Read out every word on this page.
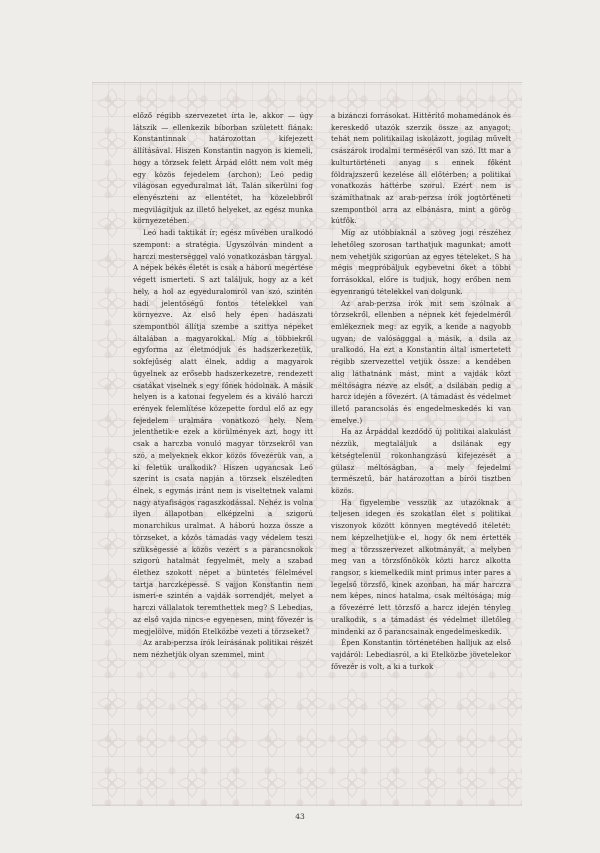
előző régibb szervezetet írta le, akkor — úgy látszik — ellenkezik bíborban született fiának: Konstantinnak határozottan kifejezett állításával. Hiszen Konstantin nagyon is kiemeli, hogy a törzsek felett Árpád előtt nem volt még egy közös fejedelem (archon); Leó pedig világosan egyeduralmat lát. Talán sikerülni fog elenyészteni az ellentétet, ha közelebbről megvilágítjuk az illető helyeket, az egész munka környezetében.

Leó hadi taktikát ír; egész művében uralkodó szempont: a stratégia. Ugyszólván mindent a harczi mesterséggel való vonatkozásban tárgyal. A népek békés életét is csak a háború megértése végett ismerteti. S azt találjuk, hogy az a két hely, a hol az egyeduralomról van szó, szintén hadi jelentőségű fontos tételekkel van környezve. Az első hely épen hadászati szempontból állítja szembe a szittya népeket általában a magyarokkal. Míg a többiekről egyforma az életmódjuk és hadszerkezetük, sokfejűség alatt élnek, addig a magyarok ügyelnek az erősebb hadszerkezetre, rendezett csatákat viselnek s egy főnek hódolnak. A másik helyen is a katonai fegyelem és a kiváló harczi erények felemlítése közepette fordul elő az egy fejedelem uralmára vonatkozó hely. Nem jelenthetik-e ezek a körülmények azt, hogy itt csak a harczba vonuló magyar törzsekről van szó, a melyeknek ekkor közös fővezérük van, a ki feletük uralkodik? Hiszen ugyancsak Leó szerint is csata napján a törzsek elszéledten élnek, s egymás iránt nem is viseltetnek valami nagy atyafiságos ragaszkodással. Nehéz is volna ilyen állapotban elképzelni a szigorú monarchikus uralmat. A háború hozza össze a törzseket, a közös támadás vagy védelem teszi szükségessé a közös vezért s a parancsnokok szigorú hatalmát fegyelmét, mely a szabad élethez szokott népet a büntetés félelmével tartja harczképessé. S vajjon Konstantin nem ismeri-e szintén a vajdák sorrendjét, melyet a harczi vállalatok teremthettek meg? S Lebedias, az első vajda nincs-e egyenesen, mint fővezér is megjelölve, midőn Etelközbe vezeti a törzseket?

Az arab-perzsa írók leírásának politikai részét nem nézhetjük olyan szemmel, mint

a bizánczi forrásokat. Hittérítő mohamedánok és kereskedő utazók szerzik össze az anyagot; tehát nem politikailag iskolázott, jogilag művelt császárok irodalmi terméséről van szó. Itt mar a kulturtörténeti anyag s ennek főként földrajzszerű kezelése áll előtérben; a politikai vonatkozás háttérbe szorul. Ezért nem is számíthatnak az arab-perzsa írók jogtörténeti szempontból arra az elbánásra, mint a görög kútfők.

Míg az utóbbiaknál a szöveg jogi részéhez lehetőleg szorosan tarthatjuk magunkat; amott nem vehetjük szigorúan az egyes tételeket. S ha mégis megpróbáljuk egybevetni őket a többi forrásokkal, előre is tudjuk, hogy erőben nem egyenrangú tételekkel van dolgunk.

Az arab-perzsa írók mit sem szólnak a törzsekről, ellenben a népnek két fejedelméről emlékeznek meg: az egyik, a kende a nagyobb ugyan; de valóságggal a másik, a dsila az uralkodó. Ha ezt a Konstantin által ismertetett régibb szervezettel vetjük össze: a kendében alig láthatnánk mást, mint a vajdák közt méltóságra nézve az elsőt, a dsilában pedig a harcz idején a fővezért. (A támadást és védelmet illető parancsolás és engedelmeskedés ki van emelve.)

Ha az Árpáddal kezdődő új politikai alakulást nézzük, megtaláljuk a dsilának egy kétségtelenül rokonhangzású kifejezését a gülasz méltóságban, a mely fejedelmi természetű, bár határozottan a bírói tisztben közös.

Ha figyelembe vesszük az utazóknak a teljesen idegen és szokatlan élet s politikai viszonyok között könnyen megtévedő itéletét: nem képzelhetjük-e el, hogy ők nem értették meg a törzsszervezet alkotmányát, a melyben meg van a törzsfőnökök közti harcz alkotta rangsor, s kiemelkedik mint primus inter pares a legelső törzsfő, kinek azonban, ha már harczra nem képes, nincs hatalma, csak méltósága; míg a fővezérré lett törzsfő a harcz idején tényleg uralkodik, s a támadást és védelmet illetőleg mindenki az ő parancsainak engedelmeskedik.

Épen Konstantin történetében halljuk az első vajdáról: Lebediasról, a ki Etelközbe jövetelekor fővezér is volt, a ki a turkok

43
